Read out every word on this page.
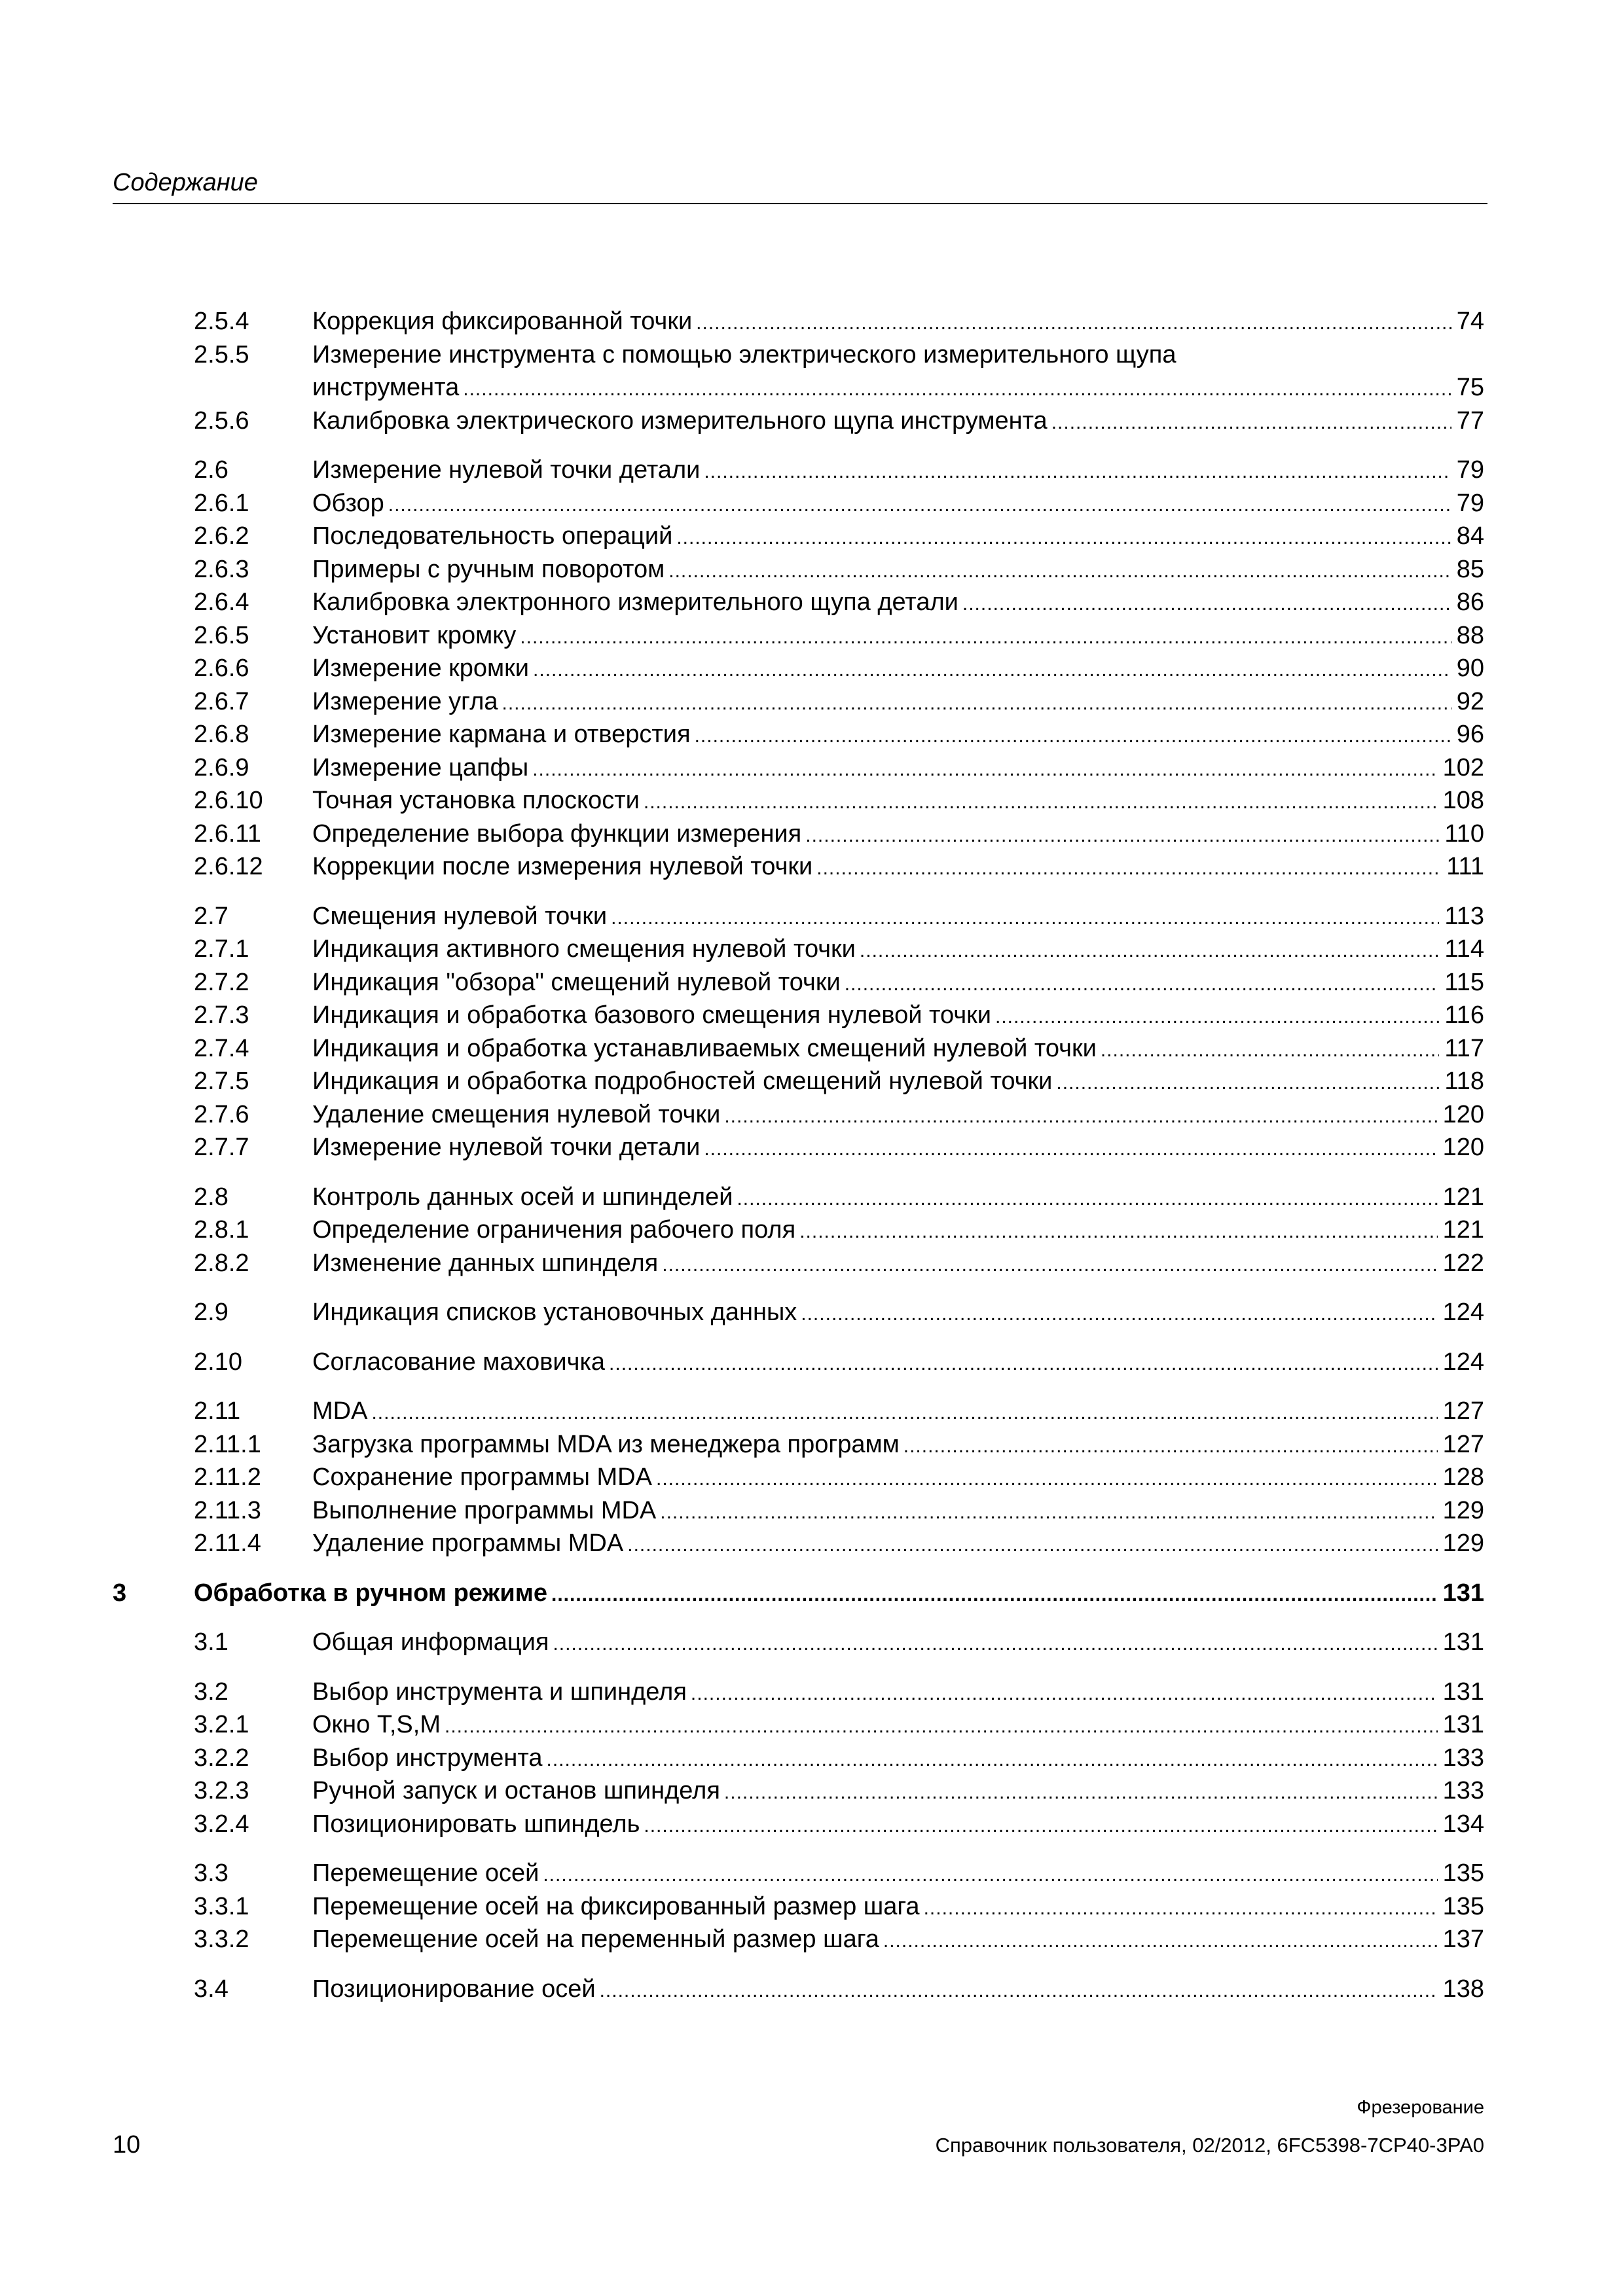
Содержание
2.5.4	Коррекция фиксированной точки .....	74
2.5.5	Измерение инструмента с помощью электрического измерительного щупа
инструмента .....	75
2.5.6	Калибровка электрического измерительного щупа инструмента .....	77
2.6	Измерение нулевой точки детали .....	79
2.6.1	Обзор .....	79
2.6.2	Последовательность операций .....	84
2.6.3	Примеры с ручным поворотом .....	85
2.6.4	Калибровка электронного измерительного щупа детали .....	86
2.6.5	Установит кромку .....	88
2.6.6	Измерение кромки .....	90
2.6.7	Измерение угла .....	92
2.6.8	Измерение кармана и отверстия .....	96
2.6.9	Измерение цапфы .....	102
2.6.10 Точная установка плоскости .....	108
2.6.11 Определение выбора функции измерения .....	110
2.6.12 Коррекции после измерения нулевой точки .....	111
2.7	Смещения нулевой точки .....	113
2.7.1	Индикация активного смещения нулевой точки .....	114
2.7.2	Индикация "обзора" смещений нулевой точки .....	115
2.7.3	Индикация и обработка базового смещения нулевой точки .....	116
2.7.4	Индикация и обработка устанавливаемых смещений нулевой точки .....	117
2.7.5	Индикация и обработка подробностей смещений нулевой точки .....	118
2.7.6	Удаление смещения нулевой точки .....	120
2.7.7	Измерение нулевой точки детали .....	120
2.8	Контроль данных осей и шпинделей .....	121
2.8.1	Определение ограничения рабочего поля .....	121
2.8.2	Изменение данных шпинделя .....	122
2.9	Индикация списков установочных данных .....	124
2.10	Согласование маховичка .....	124
2.11	MDA .....	127
2.11.1 Загрузка программы MDA из менеджера программ .....	127
2.11.2 Сохранение программы MDA .....	128
2.11.3 Выполнение программы MDA .....	129
2.11.4 Удаление программы MDA .....	129
3	Обработка в ручном режиме .....	131
3.1	Общая информация .....	131
3.2	Выбор инструмента и шпинделя .....	131
3.2.1	Окно T,S,M .....	131
3.2.2	Выбор инструмента .....	133
3.2.3	Ручной запуск и останов шпинделя .....	133
3.2.4	Позиционировать шпиндель .....	134
3.3	Перемещение осей .....	135
3.3.1	Перемещение осей на фиксированный размер шага .....	135
3.3.2	Перемещение осей на переменный размер шага .....	137
3.4	Позиционирование осей .....	138
Фрезерование
10	Справочник пользователя, 02/2012, 6FC5398-7CP40-3PA0
